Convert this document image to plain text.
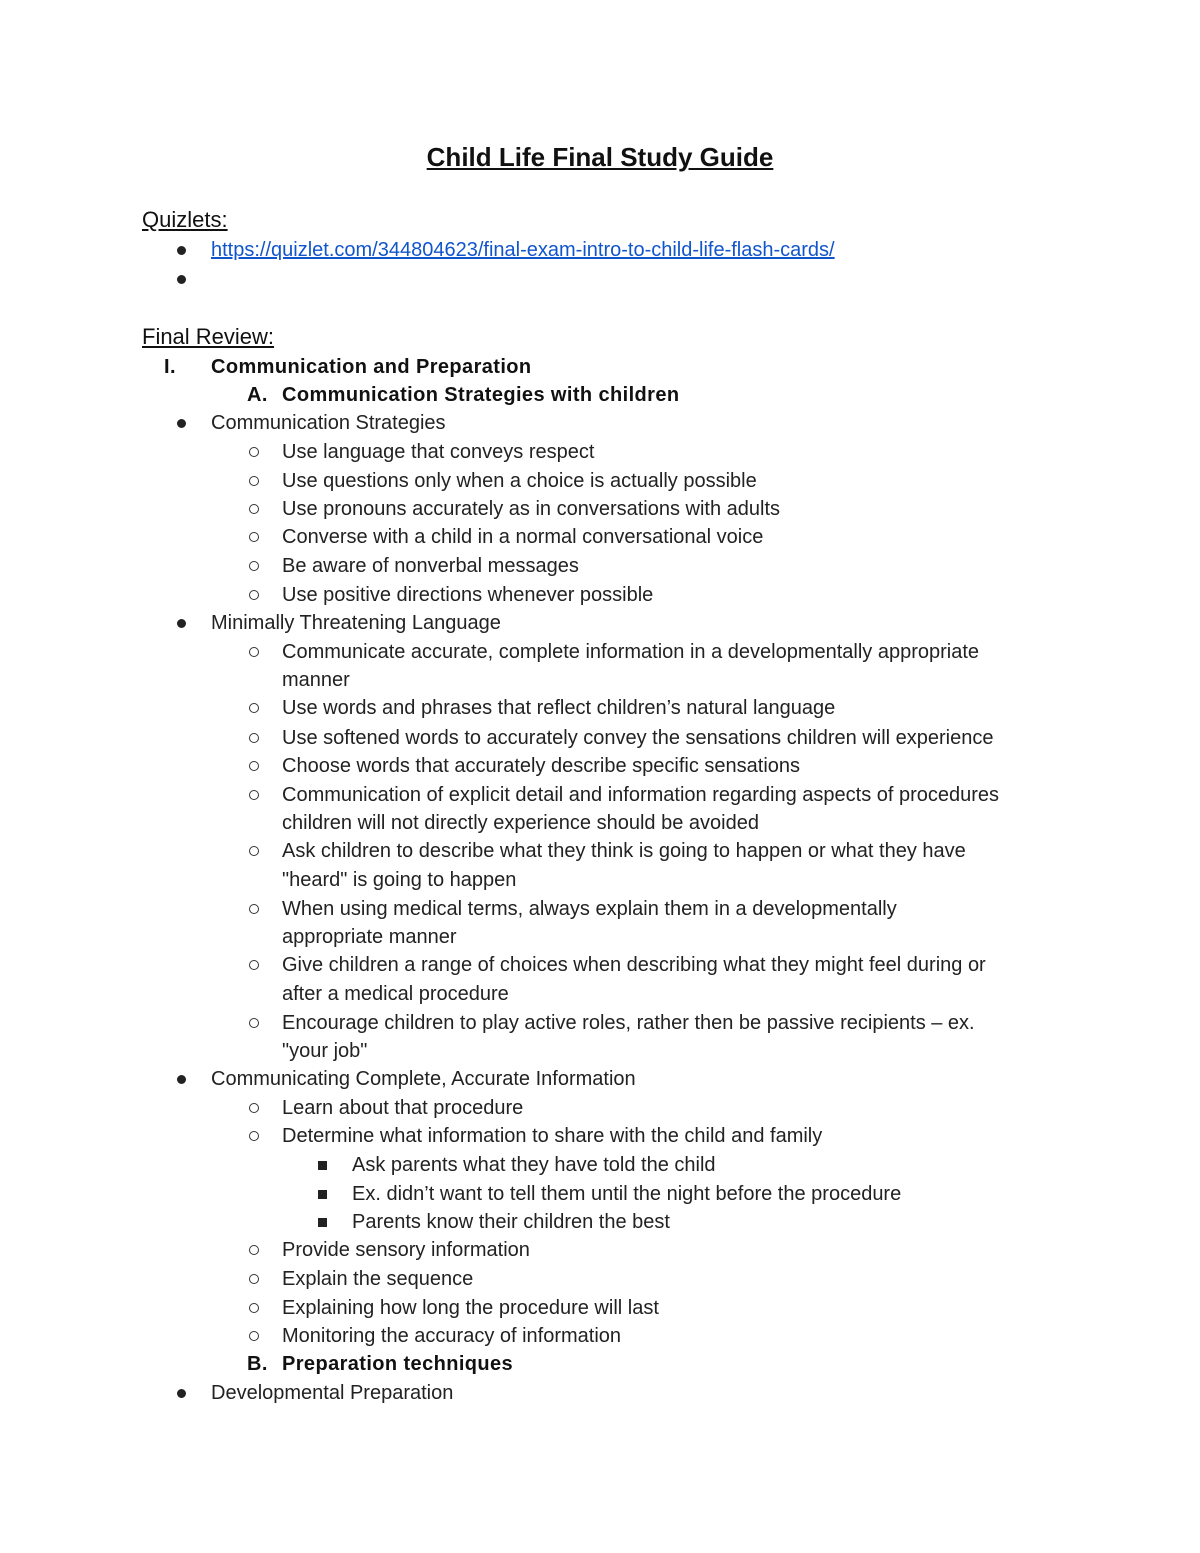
Child Life Final Study Guide
Quizlets:
https://quizlet.com/344804623/final-exam-intro-to-child-life-flash-cards/
Final Review:
I. Communication and Preparation
A. Communication Strategies with children
Communication Strategies
Use language that conveys respect
Use questions only when a choice is actually possible
Use pronouns accurately as in conversations with adults
Converse with a child in a normal conversational voice
Be aware of nonverbal messages
Use positive directions whenever possible
Minimally Threatening Language
Communicate accurate, complete information in a developmentally appropriate
manner
Use words and phrases that reflect children’s natural language
Use softened words to accurately convey the sensations children will experience
Choose words that accurately describe specific sensations
Communication of explicit detail and information regarding aspects of procedures
children will not directly experience should be avoided
Ask children to describe what they think is going to happen or what they have
"heard" is going to happen
When using medical terms, always explain them in a developmentally
appropriate manner
Give children a range of choices when describing what they might feel during or
after a medical procedure
Encourage children to play active roles, rather then be passive recipients – ex.
"your job"
Communicating Complete, Accurate Information
Learn about that procedure
Determine what information to share with the child and family
Ask parents what they have told the child
Ex. didn’t want to tell them until the night before the procedure
Parents know their children the best
Provide sensory information
Explain the sequence
Explaining how long the procedure will last
Monitoring the accuracy of information
B. Preparation techniques
Developmental Preparation
